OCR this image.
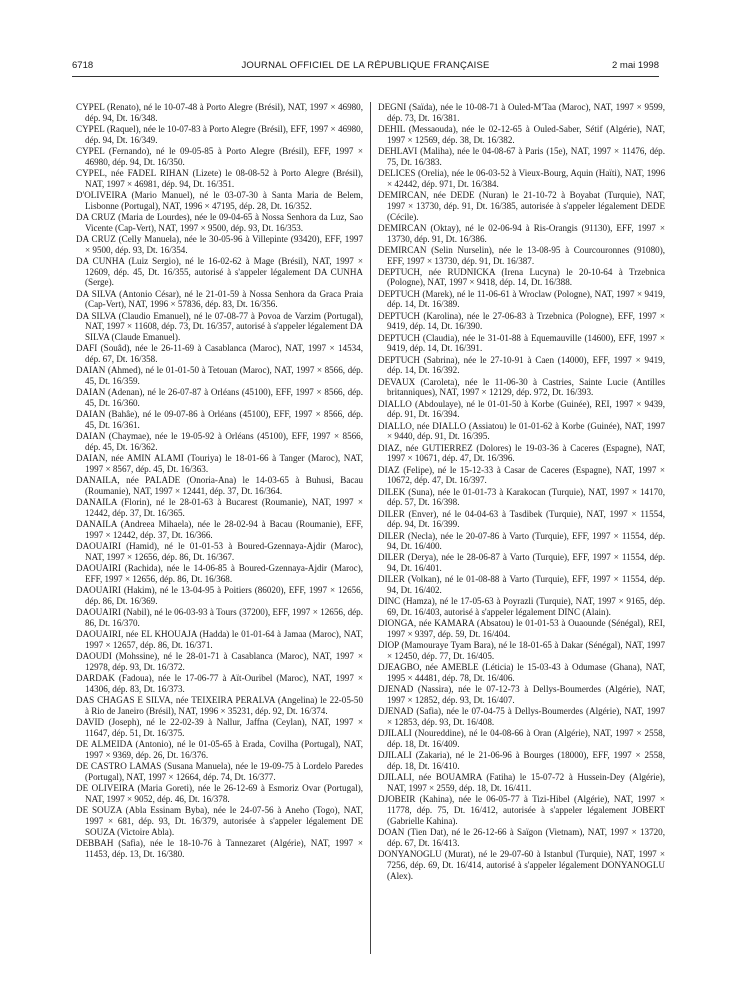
6718	JOURNAL OFFICIEL DE LA RÉPUBLIQUE FRANÇAISE	2 mai 1998

CYPEL (Renato), né le 10-07-48 à Porto Alegre (Brésil), NAT, 1997 × 46980, dép. 94, Dt. 16/348.

CYPEL (Raquel), née le 10-07-83 à Porto Alegre (Brésil), EFF, 1997 × 46980, dép. 94, Dt. 16/349.

CYPEL (Fernando), né le 09-05-85 à Porto Alegre (Brésil), EFF, 1997 × 46980, dép. 94, Dt. 16/350.

CYPEL, née FADEL RIHAN (Lizete) le 08-08-52 à Porto Alegre (Brésil), NAT, 1997 × 46981, dép. 94, Dt. 16/351.

D'OLIVEIRA (Mario Manuel), né le 03-07-30 à Santa Maria de Belem, Lisbonne (Portugal), NAT, 1996 × 47195, dép. 28, Dt. 16/352.

DA CRUZ (Maria de Lourdes), née le 09-04-65 à Nossa Senhora da Luz, Sao Vicente (Cap-Vert), NAT, 1997 × 9500, dép. 93, Dt. 16/353.

DA CRUZ (Celly Manuela), née le 30-05-96 à Villepinte (93420), EFF, 1997 × 9500, dép. 93, Dt. 16/354.

DA CUNHA (Luiz Sergio), né le 16-02-62 à Mage (Brésil), NAT, 1997 × 12609, dép. 45, Dt. 16/355, autorisé à s'appeler légalement DA CUNHA (Serge).

DA SILVA (Antonio César), né le 21-01-59 à Nossa Senhora da Graca Praia (Cap-Vert), NAT, 1996 × 57836, dép. 83, Dt. 16/356.

DA SILVA (Claudio Emanuel), né le 07-08-77 à Povoa de Varzim (Portugal), NAT, 1997 × 11608, dép. 73, Dt. 16/357, autorisé à s'appeler légalement DA SILVA (Claude Emanuel).

DAFI (Souâd), née le 26-11-69 à Casablanca (Maroc), NAT, 1997 × 14534, dép. 67, Dt. 16/358.

DAIAN (Ahmed), né le 01-01-50 à Tetouan (Maroc), NAT, 1997 × 8566, dép. 45, Dt. 16/359.

DAIAN (Adenan), né le 26-07-87 à Orléans (45100), EFF, 1997 × 8566, dép. 45, Dt. 16/360.

DAIAN (Bahâe), né le 09-07-86 à Orléans (45100), EFF, 1997 × 8566, dép. 45, Dt. 16/361.

DAIAN (Chaymae), née le 19-05-92 à Orléans (45100), EFF, 1997 × 8566, dép. 45, Dt. 16/362.

DAIAN, née AMIN ALAMI (Touriya) le 18-01-66 à Tanger (Maroc), NAT, 1997 × 8567, dép. 45, Dt. 16/363.

DANAILA, née PALADE (Onoria-Ana) le 14-03-65 à Buhusi, Bacau (Roumanie), NAT, 1997 × 12441, dép. 37, Dt. 16/364.

DANAILA (Florin), né le 28-01-63 à Bucarest (Roumanie), NAT, 1997 × 12442, dép. 37, Dt. 16/365.

DANAILA (Andreea Mihaela), née le 28-02-94 à Bacau (Roumanie), EFF, 1997 × 12442, dép. 37, Dt. 16/366.

DAOUAIRI (Hamid), né le 01-01-53 à Boured-Gzennaya-Ajdir (Maroc), NAT, 1997 × 12656, dép. 86, Dt. 16/367.

DAOUAIRI (Rachida), née le 14-06-85 à Boured-Gzennaya-Ajdir (Maroc), EFF, 1997 × 12656, dép. 86, Dt. 16/368.

DAOUAIRI (Hakim), né le 13-04-95 à Poitiers (86020), EFF, 1997 × 12656, dép. 86, Dt. 16/369.

DAOUAIRI (Nabil), né le 06-03-93 à Tours (37200), EFF, 1997 × 12656, dép. 86, Dt. 16/370.

DAOUAIRI, née EL KHOUAJA (Hadda) le 01-01-64 à Jamaa (Maroc), NAT, 1997 × 12657, dép. 86, Dt. 16/371.

DAOUDI (Mohssine), né le 28-01-71 à Casablanca (Maroc), NAT, 1997 × 12978, dép. 93, Dt. 16/372.

DARDAK (Fadoua), née le 17-06-77 à Aït-Ouribel (Maroc), NAT, 1997 × 14306, dép. 83, Dt. 16/373.

DAS CHAGAS E SILVA, née TEIXEIRA PERALVA (Angelina) le 22-05-50 à Rio de Janeiro (Brésil), NAT, 1996 × 35231, dép. 92, Dt. 16/374.

DAVID (Joseph), né le 22-02-39 à Nallur, Jaffna (Ceylan), NAT, 1997 × 11647, dép. 51, Dt. 16/375.

DE ALMEIDA (Antonio), né le 01-05-65 à Erada, Covilha (Portugal), NAT, 1997 × 9369, dép. 26, Dt. 16/376.

DE CASTRO LAMAS (Susana Manuela), née le 19-09-75 à Lordelo Paredes (Portugal), NAT, 1997 × 12664, dép. 74, Dt. 16/377.

DE OLIVEIRA (Maria Goreti), née le 26-12-69 à Esmoriz Ovar (Portugal), NAT, 1997 × 9052, dép. 46, Dt. 16/378.

DE SOUZA (Abla Essinam Byba), née le 24-07-56 à Aneho (Togo), NAT, 1997 × 681, dép. 93, Dt. 16/379, autorisée à s'appeler légalement DE SOUZA (Victoire Abla).

DEBBAH (Safia), née le 18-10-76 à Tannezaret (Algérie), NAT, 1997 × 11453, dép. 13, Dt. 16/380.

DEGNI (Saïda), née le 10-08-71 à Ouled-M'Taa (Maroc), NAT, 1997 × 9599, dép. 73, Dt. 16/381.

DEHIL (Messaouda), née le 02-12-65 à Ouled-Saber, Sétif (Algérie), NAT, 1997 × 12569, dép. 38, Dt. 16/382.

DEHLAVI (Maliha), née le 04-08-67 à Paris (15e), NAT, 1997 × 11476, dép. 75, Dt. 16/383.

DELICES (Orelia), née le 06-03-52 à Vieux-Bourg, Aquin (Haïti), NAT, 1996 × 42442, dép. 971, Dt. 16/384.

DEMIRCAN, née DEDE (Nuran) le 21-10-72 à Boyabat (Turquie), NAT, 1997 × 13730, dép. 91, Dt. 16/385, autorisée à s'appeler légalement DEDE (Cécile).

DEMIRCAN (Oktay), né le 02-06-94 à Ris-Orangis (91130), EFF, 1997 × 13730, dép. 91, Dt. 16/386.

DEMIRCAN (Selin Nurselin), née le 13-08-95 à Courcouronnes (91080), EFF, 1997 × 13730, dép. 91, Dt. 16/387.

DEPTUCH, née RUDNICKA (Irena Lucyna) le 20-10-64 à Trzebnica (Pologne), NAT, 1997 × 9418, dép. 14, Dt. 16/388.

DEPTUCH (Marek), né le 11-06-61 à Wroclaw (Pologne), NAT, 1997 × 9419, dép. 14, Dt. 16/389.

DEPTUCH (Karolina), née le 27-06-83 à Trzebnica (Pologne), EFF, 1997 × 9419, dép. 14, Dt. 16/390.

DEPTUCH (Claudia), née le 31-01-88 à Equemauville (14600), EFF, 1997 × 9419, dép. 14, Dt. 16/391.

DEPTUCH (Sabrina), née le 27-10-91 à Caen (14000), EFF, 1997 × 9419, dép. 14, Dt. 16/392.

DEVAUX (Caroleta), née le 11-06-30 à Castries, Sainte Lucie (Antilles britanniques), NAT, 1997 × 12129, dép. 972, Dt. 16/393.

DIALLO (Abdoulaye), né le 01-01-50 à Korbe (Guinée), REI, 1997 × 9439, dép. 91, Dt. 16/394.

DIALLO, née DIALLO (Assiatou) le 01-01-62 à Korbe (Guinée), NAT, 1997 × 9440, dép. 91, Dt. 16/395.

DIAZ, née GUTIERREZ (Dolores) le 19-03-36 à Caceres (Espagne), NAT, 1997 × 10671, dép. 47, Dt. 16/396.

DIAZ (Felipe), né le 15-12-33 à Casar de Caceres (Espagne), NAT, 1997 × 10672, dép. 47, Dt. 16/397.

DILEK (Suna), née le 01-01-73 à Karakocan (Turquie), NAT, 1997 × 14170, dép. 57, Dt. 16/398.

DILER (Enver), né le 04-04-63 à Tasdibek (Turquie), NAT, 1997 × 11554, dép. 94, Dt. 16/399.

DILER (Necla), née le 20-07-86 à Varto (Turquie), EFF, 1997 × 11554, dép. 94, Dt. 16/400.

DILER (Derya), née le 28-06-87 à Varto (Turquie), EFF, 1997 × 11554, dép. 94, Dt. 16/401.

DILER (Volkan), né le 01-08-88 à Varto (Turquie), EFF, 1997 × 11554, dép. 94, Dt. 16/402.

DINC (Hamza), né le 17-05-63 à Poyrazli (Turquie), NAT, 1997 × 9165, dép. 69, Dt. 16/403, autorisé à s'appeler légalement DINC (Alain).

DIONGA, née KAMARA (Absatou) le 01-01-53 à Ouaounde (Sénégal), REI, 1997 × 9397, dép. 59, Dt. 16/404.

DIOP (Mamouraye Tyam Bara), né le 18-01-65 à Dakar (Sénégal), NAT, 1997 × 12450, dép. 77, Dt. 16/405.

DJEAGBO, née AMEBLE (Léticia) le 15-03-43 à Odumase (Ghana), NAT, 1995 × 44481, dép. 78, Dt. 16/406.

DJENAD (Nassira), née le 07-12-73 à Dellys-Boumerdes (Algérie), NAT, 1997 × 12852, dép. 93, Dt. 16/407.

DJENAD (Safia), née le 07-04-75 à Dellys-Boumerdes (Algérie), NAT, 1997 × 12853, dép. 93, Dt. 16/408.

DJILALI (Noureddine), né le 04-08-66 à Oran (Algérie), NAT, 1997 × 2558, dép. 18, Dt. 16/409.

DJILALI (Zakaria), né le 21-06-96 à Bourges (18000), EFF, 1997 × 2558, dép. 18, Dt. 16/410.

DJILALI, née BOUAMRA (Fatiha) le 15-07-72 à Hussein-Dey (Algérie), NAT, 1997 × 2559, dép. 18, Dt. 16/411.

DJOBEIR (Kahina), née le 06-05-77 à Tizi-Hibel (Algérie), NAT, 1997 × 11778, dép. 75, Dt. 16/412, autorisée à s'appeler légalement JOBERT (Gabrielle Kahina).

DOAN (Tien Dat), né le 26-12-66 à Saïgon (Vietnam), NAT, 1997 × 13720, dép. 67, Dt. 16/413.

DONYANOGLU (Murat), né le 29-07-60 à Istanbul (Turquie), NAT, 1997 × 7256, dép. 69, Dt. 16/414, autorisé à s'appeler légalement DONYANOGLU (Alex).
